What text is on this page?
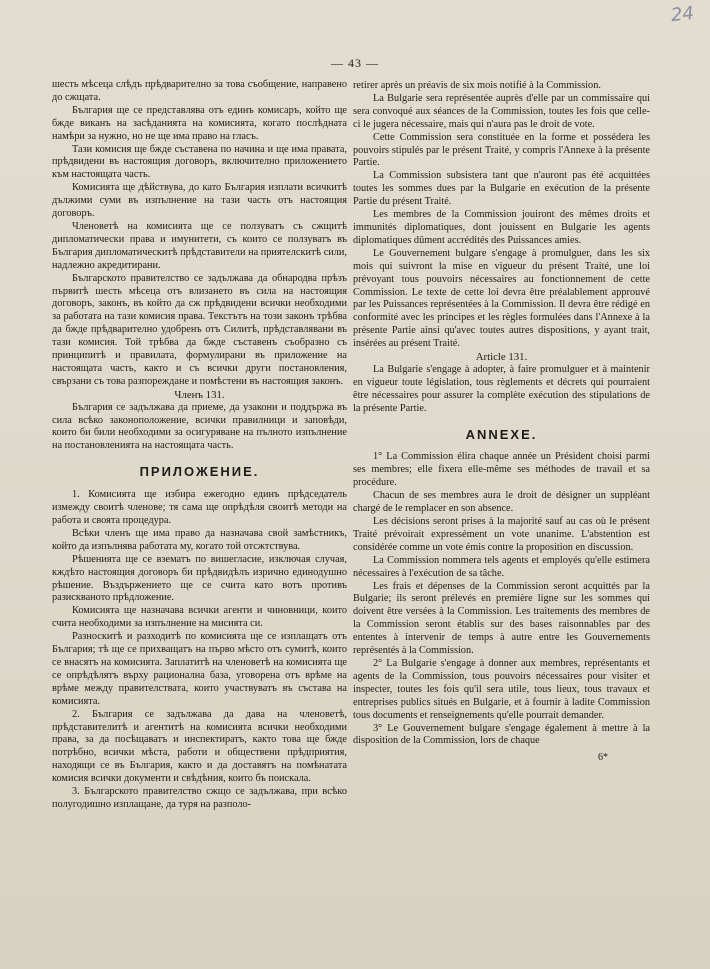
— 43 —
24

шесть мѣсеца слѣдъ прѣдварително за това съобщение, направено до сжщата.

България ще се представлява отъ единъ комисаръ, който ще бжде виканъ на засѣданията на комисията, когато послѣдната намѣри за нужно, но не ще има право на гласъ.

Тази комисия ще бжде съставена по начина и ще има правата, прѣдвидени въ настоящия договоръ, включително приложението към настоящата часть.

Комисията ще дѣйствува, до като България изплати всичкитѣ дължими суми въ изпълнение на тази часть отъ настоящия договоръ.

Членоветѣ на комисията ще се ползуватъ съ сжщитѣ дипломатически права и имунитети, съ които се ползуватъ въ България дипломатическитѣ прѣдставители на приятелскитѣ сили, надлежно акредитирани.

Българското правителство се задължава да обнародва прѣзъ първитѣ шесть мѣсеца отъ влизането въ сила на настоящия договоръ, законъ, въ който да сж прѣдвидени всички необходими за работата на тази комисия права. Текстътъ на този законъ трѣбва да бжде прѣдварително удобренъ отъ Силитѣ, прѣдставлявани въ тази комисия. Той трѣбва да бжде съставенъ съобразно съ принципитѣ и правилата, формулирани въ приложение на настоящата часть, както и съ всички други постановления, свързани съ това разпореждане и помѣстени въ настоящия законъ.

Членъ 131.

България се задължава да приеме, да узакони и поддържа въ сила всѣко законоположение, всички правилници и заповѣди, които би били необходими за осигуряване на пълното изпълнение на постановленията на настоящата часть.

ПРИЛОЖЕНИЕ.

1. Комисията ще избира ежегодно единъ прѣдседатель измежду своитѣ членове; тя сама ще опрѣдѣля своитѣ методи на работа и своята процедура.

Всѣки членъ ще има право да назначава свой замѣстникъ, който да изпълнява работата му, когато той отсжтствува.

Рѣшенията ще се взематъ по вишегласие, изключая случая, кждѣто настоящия договоръ би прѣдвидѣлъ изрично единодушно рѣшение. Въздържението ще се счита като вотъ противъ разискваното прѣдложение.

Комисията ще назначава всички агенти и чиновници, които счита необходими за изпълнение на мисията си.

Разноскитѣ и разходитѣ по комисията ще се изплащатъ отъ България; тѣ ще се прихващатъ на първо мѣсто отъ сумитѣ, които се внасятъ на комисията. Заплатитѣ на членоветѣ на комисията ще се опрѣдѣлятъ върху рационална база, уговорена отъ врѣме на врѣме между правителствата, които участвуватъ въ състава на комисията.

2. България се задължава да дава на членоветѣ, прѣдставителитѣ и агентитѣ на комисията всички необходими права, за да посѣщаватъ и инспектиратъ, както това ще бжде потрѣбно, всички мѣста, работи и обществени прѣдприятия, находящи се въ България, както и да доставятъ на помѣнатата комисия всички документи и свѣдѣния, които бъ поискала.

3. Българското правителство сжщо се задължава, при всѣко полугодишно изплащане, да туря на разполо-

retirer après un préavis de six mois notifié à la Commission.

La Bulgarie sera représentée auprès d'elle par un commissaire qui sera convoqué aux séances de la Commission, toutes les fois que celle-ci le jugera nécessaire, mais qui n'aura pas le droit de vote.

Cette Commission sera constituée en la forme et possédera les pouvoirs stipulés par le présent Traité, y compris l'Annexe à la présente Partie.

La Commission subsistera tant que n'auront pas été acquittées toutes les sommes dues par la Bulgarie en exécution de la présente Partie du présent Traité.

Les membres de la Commission jouiront des mêmes droits et immunités diplomatiques, dont jouissent en Bulgarie les agents diplomatiques dûment accrédités des Puissances amies.

Le Gouvernement bulgare s'engage à promulguer, dans les six mois qui suivront la mise en vigueur du présent Traité, une loi prévoyant tous pouvoirs nécessaires au fonctionnement de cette Commission. Le texte de cette loi devra être préalablement approuvé par les Puissances représentées à la Commission. Il devra être rédigé en conformité avec les principes et les règles formulées dans l'Annexe à la présente Partie ainsi qu'avec toutes autres dispositions, y ayant trait, insérées au présent Traité.

Article 131.

La Bulgarie s'engage à adopter, à faire promulguer et à maintenir en vigueur toute législation, tous règlements et décrets qui pourraient être nécessaires pour assurer la complète exécution des stipulations de la présente Partie.

ANNEXE.

1° La Commission élira chaque année un Président choisi parmi ses membres; elle fixera elle-même ses méthodes de travail et sa procédure.

Chacun de ses membres aura le droit de désigner un suppléant chargé de le remplacer en son absence.

Les décisions seront prises à la majorité sauf au cas où le présent Traité prévoirait expressément un vote unanime. L'abstention est considérée comme un vote émis contre la proposition en discussion.

La Commission nommera tels agents et employés qu'elle estimera nécessaires à l'exécution de sa tâche.

Les frais et dépenses de la Commission seront acquittés par la Bulgarie; ils seront prélevés en première ligne sur les sommes qui doivent être versées à la Commission. Les traitements des membres de la Commission seront établis sur des bases raisonnables par des ententes à intervenir de temps à autre entre les Gouvernements représentés à la Commission.

2° La Bulgarie s'engage à donner aux membres, représentants et agents de la Commission, tous pouvoirs nécessaires pour visiter et inspecter, toutes les fois qu'il sera utile, tous lieux, tous travaux et entreprises publics situés en Bulgarie, et à fournir à ladite Commission tous documents et renseignements qu'elle pourrait demander.

3° Le Gouvernement bulgare s'engage également à mettre à la disposition de la Commission, lors de chaque

6*
